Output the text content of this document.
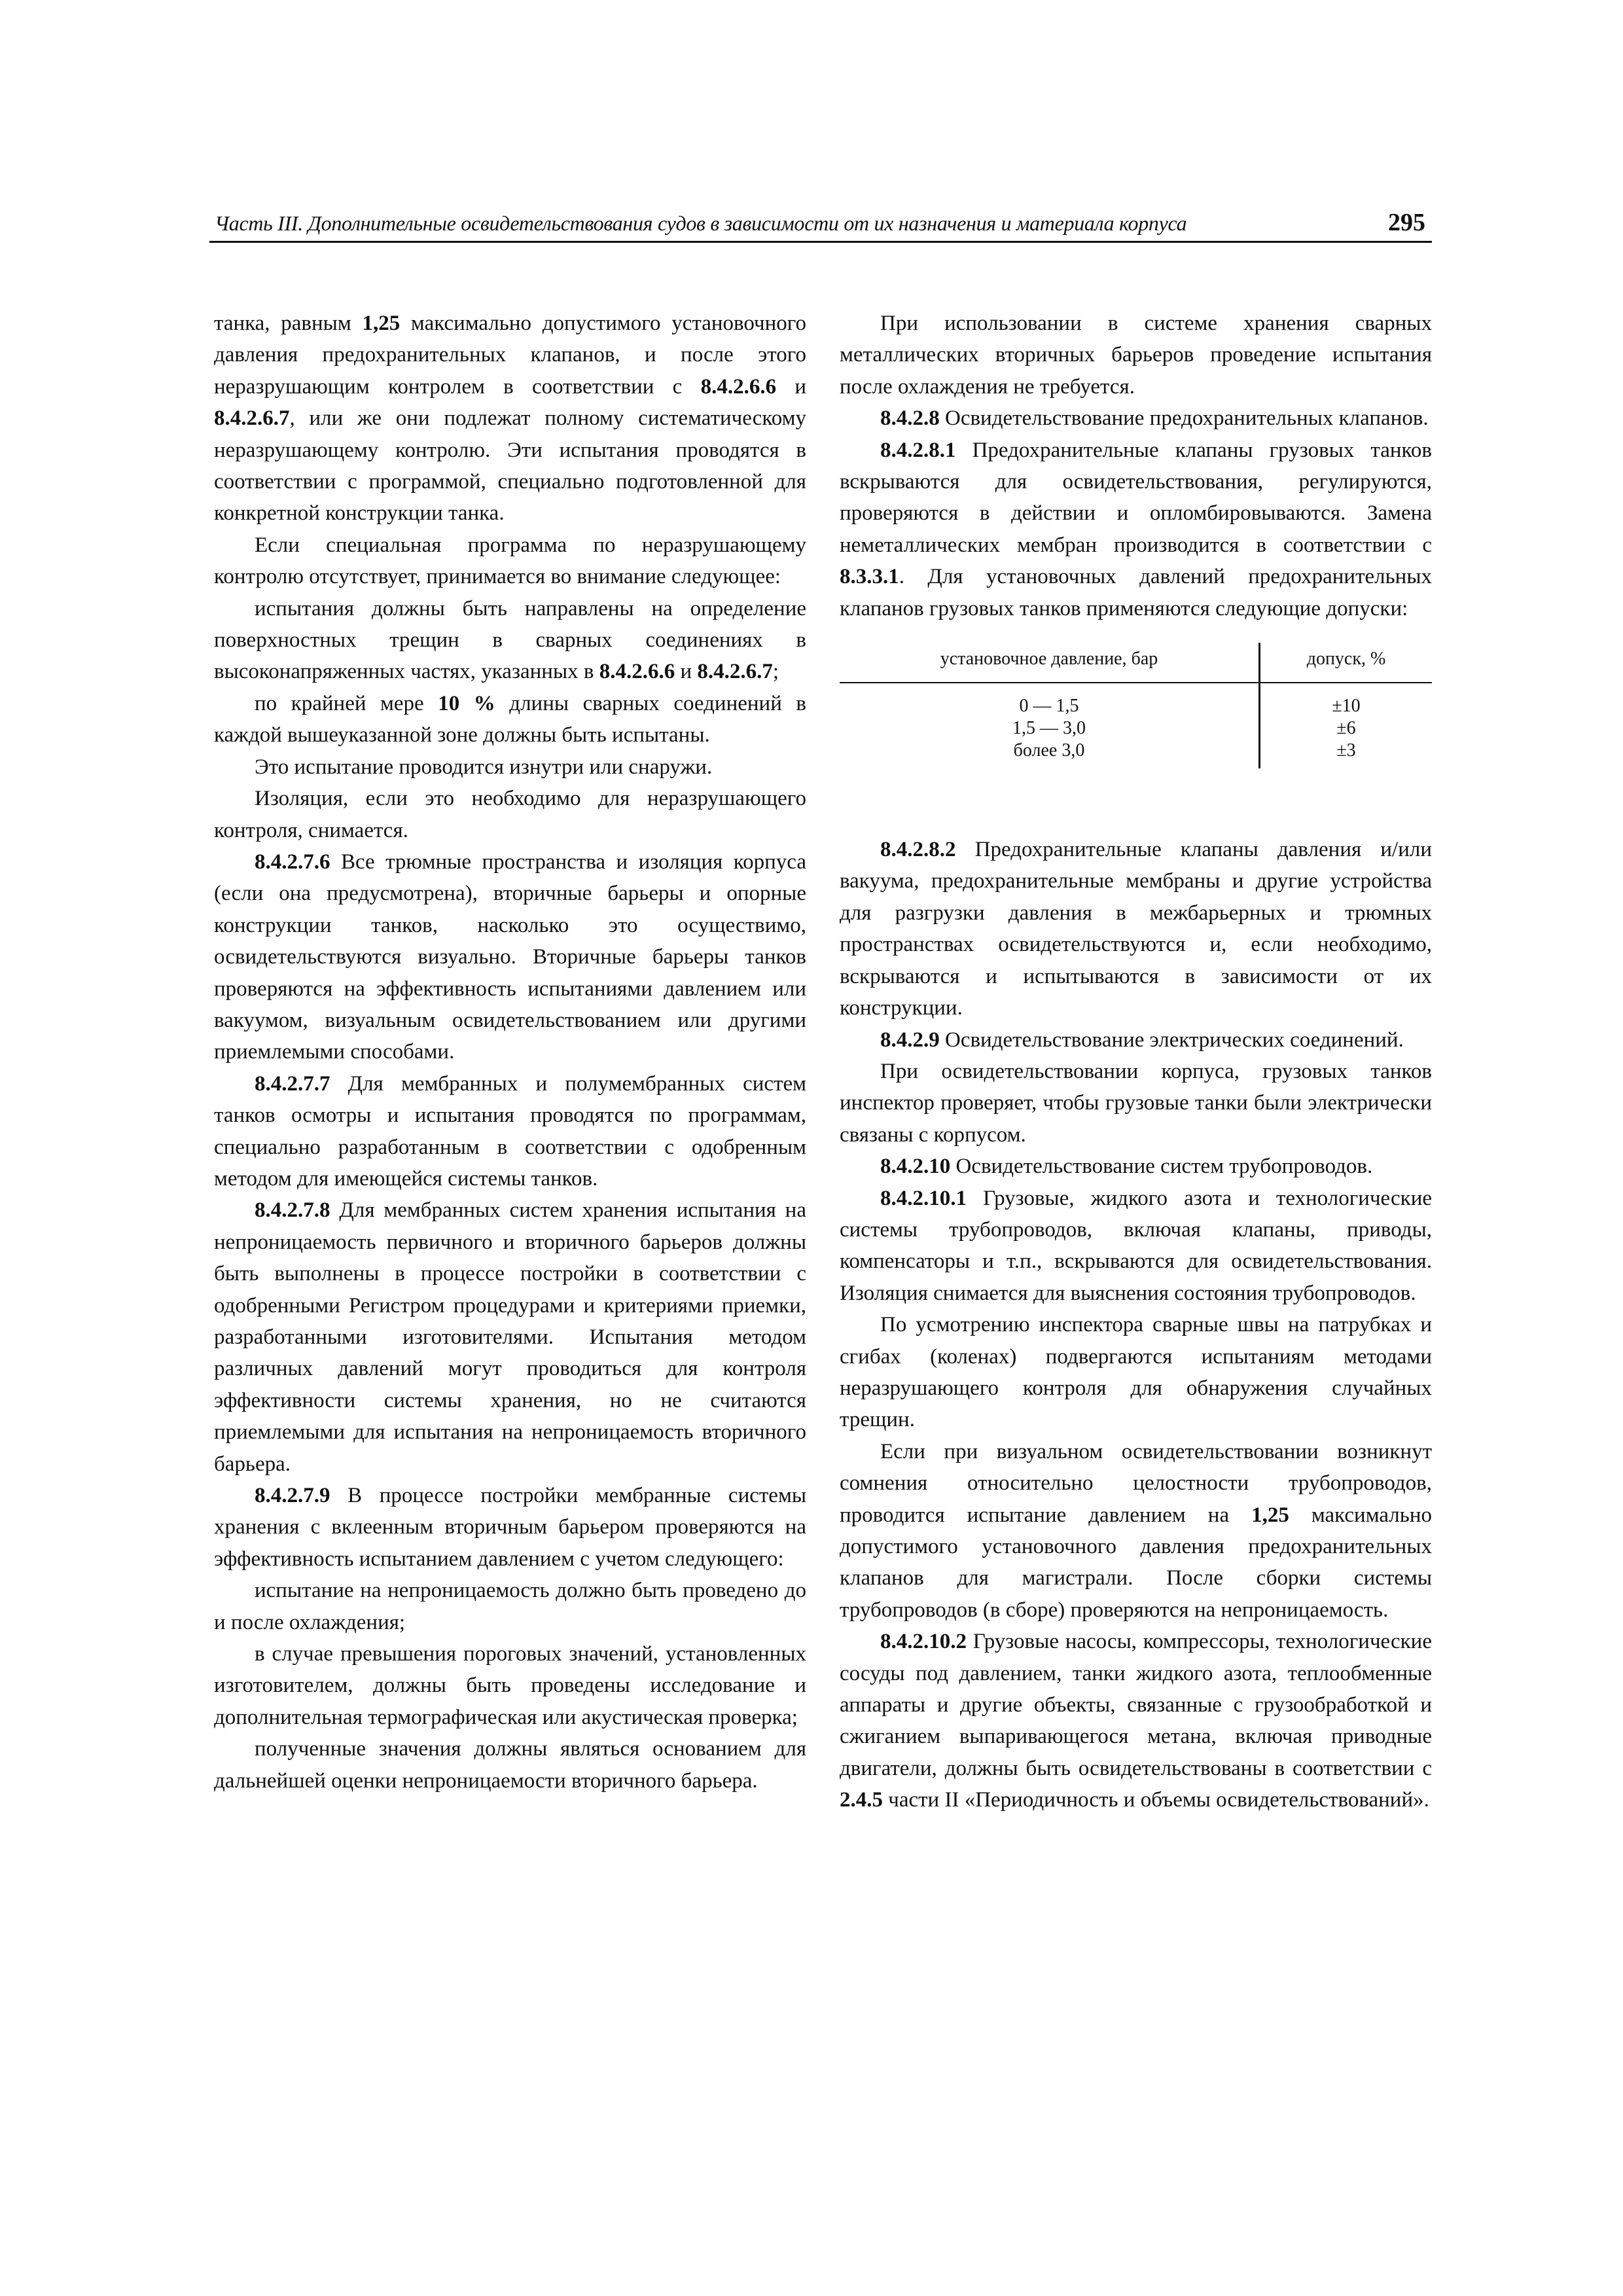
Часть III. Дополнительные освидетельствования судов в зависимости от их назначения и материала корпуса	295

танка, равным 1,25 максимально допустимого установочного давления предохранительных клапанов, и после этого неразрушающим контролем в соответствии с 8.4.2.6.6 и 8.4.2.6.7, или же они подлежат полному систематическому неразрушающему контролю. Эти испытания проводятся в соответствии с программой, специально подготовленной для конкретной конструкции танка.

Если специальная программа по неразрушающему контролю отсутствует, принимается во внимание следующее:

испытания должны быть направлены на определение поверхностных трещин в сварных соединениях в высоконапряженных частях, указанных в 8.4.2.6.6 и 8.4.2.6.7;

по крайней мере 10 % длины сварных соединений в каждой вышеуказанной зоне должны быть испытаны.

Это испытание проводится изнутри или снаружи.

Изоляция, если это необходимо для неразрушающего контроля, снимается.

8.4.2.7.6 Все трюмные пространства и изоляция корпуса (если она предусмотрена), вторичные барьеры и опорные конструкции танков, насколько это осуществимо, освидетельствуются визуально. Вторичные барьеры танков проверяются на эффективность испытаниями давлением или вакуумом, визуальным освидетельствованием или другими приемлемыми способами.

8.4.2.7.7 Для мембранных и полумембранных систем танков осмотры и испытания проводятся по программам, специально разработанным в соответствии с одобренным методом для имеющейся системы танков.

8.4.2.7.8 Для мембранных систем хранения испытания на непроницаемость первичного и вторичного барьеров должны быть выполнены в процессе постройки в соответствии с одобренными Регистром процедурами и критериями приемки, разработанными изготовителями. Испытания методом различных давлений могут проводиться для контроля эффективности системы хранения, но не считаются приемлемыми для испытания на непроницаемость вторичного барьера.

8.4.2.7.9 В процессе постройки мембранные системы хранения с вклеенным вторичным барьером проверяются на эффективность испытанием давлением с учетом следующего:

испытание на непроницаемость должно быть проведено до и после охлаждения;

в случае превышения пороговых значений, установленных изготовителем, должны быть проведены исследование и дополнительная термографическая или акустическая проверка;

полученные значения должны являться основанием для дальнейшей оценки непроницаемости вторичного барьера.

При использовании в системе хранения сварных металлических вторичных барьеров проведение испытания после охлаждения не требуется.

8.4.2.8 Освидетельствование предохранительных клапанов.

8.4.2.8.1 Предохранительные клапаны грузовых танков вскрываются для освидетельствования, регулируются, проверяются в действии и опломбировываются. Замена неметаллических мембран производится в соответствии с 8.3.3.1. Для установочных давлений предохранительных клапанов грузовых танков применяются следующие допуски:

установочное давление, бар	допуск, %
0 — 1,5	±10
1,5 — 3,0	±6
более 3,0	±3

8.4.2.8.2 Предохранительные клапаны давления и/или вакуума, предохранительные мембраны и другие устройства для разгрузки давления в межбарьерных и трюмных пространствах освидетельствуются и, если необходимо, вскрываются и испытываются в зависимости от их конструкции.

8.4.2.9 Освидетельствование электрических соединений.

При освидетельствовании корпуса, грузовых танков инспектор проверяет, чтобы грузовые танки были электрически связаны с корпусом.

8.4.2.10 Освидетельствование систем трубопроводов.

8.4.2.10.1 Грузовые, жидкого азота и технологические системы трубопроводов, включая клапаны, приводы, компенсаторы и т.п., вскрываются для освидетельствования. Изоляция снимается для выяснения состояния трубопроводов.

По усмотрению инспектора сварные швы на патрубках и сгибах (коленах) подвергаются испытаниям методами неразрушающего контроля для обнаружения случайных трещин.

Если при визуальном освидетельствовании возникнут сомнения относительно целостности трубопроводов, проводится испытание давлением на 1,25 максимально допустимого установочного давления предохранительных клапанов для магистрали. После сборки системы трубопроводов (в сборе) проверяются на непроницаемость.

8.4.2.10.2 Грузовые насосы, компрессоры, технологические сосуды под давлением, танки жидкого азота, теплообменные аппараты и другие объекты, связанные с грузообработкой и сжиганием выпаривающегося метана, включая приводные двигатели, должны быть освидетельствованы в соответствии с 2.4.5 части II «Периодичность и объемы освидетельствований».
